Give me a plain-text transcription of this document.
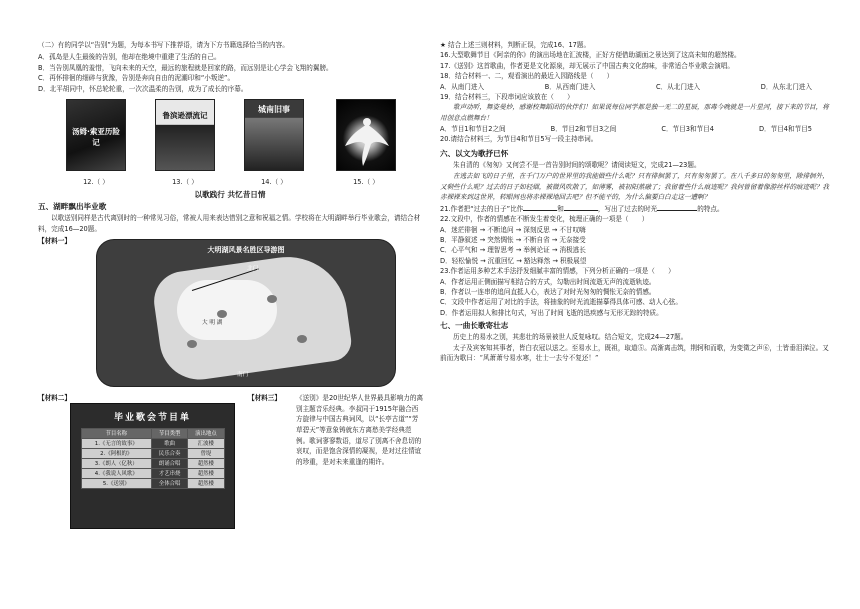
（二）有的同学以“告别”为题，为每本书写下推荐语，请为下方书籍选择恰当的内容。
A．孤岛是人生最後的告别，他却在绝境中重建了生活的自己。
B．当告别凤凰的羞惜，飞向未来的天空，最远的旅程就是回家的路，而远别是让心学会飞翔的翼膀。
C．再怀排徊的细碎与犹豫，告别是奔向自由的泥潮印和“小叛逆”。
D．北平胡同中，怀总轮轮重，一次次温柔的告别，成为了成长的序幕。
汤姆·索亚历险记
12.（ ）
鲁滨逊漂流记
13.（ ）
城南旧事
14.（ ）	15.（ ）
以歌践行 共忆昔日情
五、湖畔飘出毕业歌
以歌送别同样是古代离别时的一种常见习俗，常被人用来表达惜别之意和祝福之情。学校将在大明湖畔举行毕业歌会，请结合材料，完成16—20题。
【材料一】
大明湖风景名胜区导游图
大 明 湖
北门
南门
【材料二】
毕业歌会节目单
节目名称	节目类型	演出地点
1.《无言的故事》	歌曲	汇波楼
2.《阿根的》	民乐合奏	曾堤
3.《朗人（亿秋）	朗诵合唱	超然楼
4.《我说人风歌》	才艺串烧	超然楼
5.《送别》	全体合唱	超然楼
【材料三】	《送别》是20世纪华人世界最具影响力的离别主题音乐经典。李叔同于1915年融合西方旋律与中国古典词风，以“长亭古道”“芳草碧天”等意象铸就东方离愁美学经典范例。歌词寥寥数语，道尽了别离不舍息切的哀叹，而是饱含深情的凝视，是对过往情谊的珍重，是对未来重逢的期许。
★ 结合上述三则材料，判断正误，完成16、17题。
16.大型歌舞节目《阿亲的你》的演出场地在汇波楼，正好方便借助湖面之景达到了这高未知的超然楼。
17.《送别》这首歌曲，作者更是文化源泉，却无展示了中国古典文化韵味，非常适合毕业歌会演唱。
18．结合材料一、二，观看演出的最近入园路线是（　　）
A．从南门进入	B．从西南门进入	C．从北门进入	D．从东北门进入
19．结合材料三，下段串词应该放在（　　）
歌声动听，舞姿曼妙，感谢校舞蹈团的伙伴们！如果说每位同学都是独一无二的星辰，那毒今晚就是一片星河，接下来的节目，将用创意点燃舞台！
A．节目1和节目2之间	B．节目2和节目3之间	C．节目3和节目4	D．节目4和节目5
20.请结合材料三，为节目4和节目5写一段主持串词。
六、以文为歌抒已怀
朱自清的《匆匆》又何尝不是一首告别时间的颂歌呢？请阅读短文，完成21—23题。
在逃去如飞的日子里，在千门万户的世界里的我能做些什么呢？只有徘徊罢了，只有匆匆罢了。在八千多日的匆匆里，除徘徊外，又剩些什么呢？过去的日子如轻烟，被微风吹散了，如薄雾，被初阳蒸融了；我留着些什么痕迹呢？我何曾留着像游丝样的痕迹呢？我赤裸裸来到这世界，转眼间也将赤裸裸地回去吧？但不能平的，为什么偏要白白走这一遭啊？
21.作者把“过去的日子”比作	和	，写出了过去的时光	的特点。
22.文段中，作者的情感在不断发生着变化，梳理正确的一项是（　　）
A．迷茫徘徊 → 不断追问 → 深刻反思 → 不甘叹嗨
B．平静叙述 → 突然惆怅 → 不断自省 → 无奈接受
C．心平气和 → 理智思考 → 举例论证 → 消极逃长
D．轻松愉悦 → 沉重回忆 → 豁达释然 → 积极展望
23.作者运用多种艺术手法抒发细腻丰富的情感，下列分析正确的一项是（　　）
A．作者运用正侧面描写相结合的方式，勾勒出时间流逝无声的流逝轨迹。
B．作者以一连串的追问直抵人心，表达了对时光匆匆的惆怅无奈的情感。
C．文段中作者运用了对比的手法，将抽象的时光流逝描摹得具体可感、动人心弦。
D．作者运用拟人和排比句式，写出了时间飞逝的迅疾感与无形无踪的特质。
七、一曲长歌寄壮志
历史上的易水之别，其悲壮的场景被世人反复咏叹。结合短文，完成24—27题。
太子及宾客知其事者，皆白衣冠以送之。至易水上，既祖，取道⑤。高渐离击筑，荆轲和而歌，为变徵之声⑥，士皆垂泪涕泣。又前而为歌曰：“风萧萧兮易水寒，壮士一去兮不复还！”
